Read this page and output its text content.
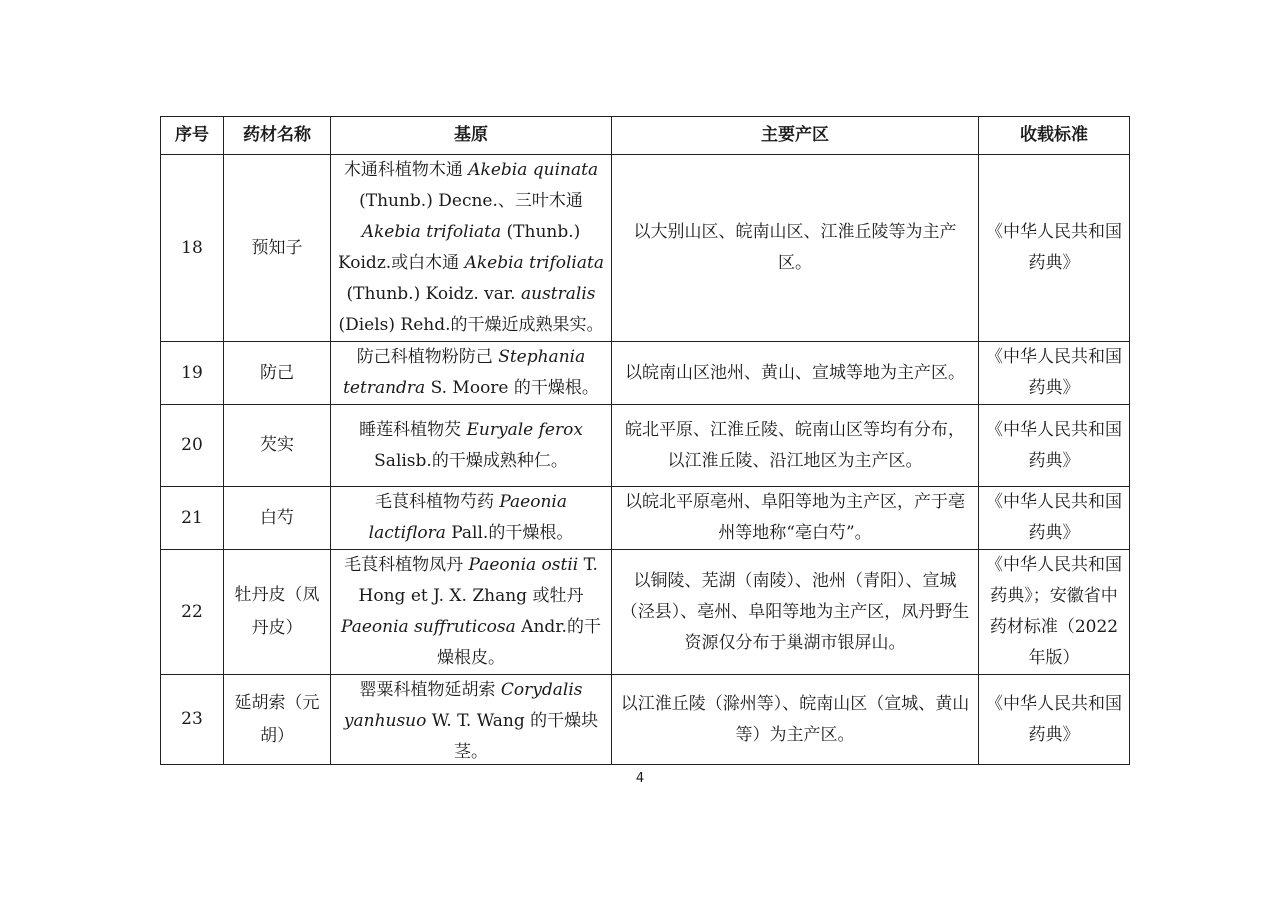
序号	药材名称	基原	主要产区	收载标准
18	预知子	木通科植物木通 Akebia quinata (Thunb.) Decne.、三叶木通 Akebia trifoliata (Thunb.) Koidz.或白木通 Akebia trifoliata (Thunb.) Koidz. var. australis (Diels) Rehd.的干燥近成熟果实。	以大别山区、皖南山区、江淮丘陵等为主产区。	《中华人民共和国药典》
19	防己	防己科植物粉防己 Stephania tetrandra S. Moore 的干燥根。	以皖南山区池州、黄山、宣城等地为主产区。	《中华人民共和国药典》
20	芡实	睡莲科植物芡 Euryale ferox Salisb.的干燥成熟种仁。	皖北平原、江淮丘陵、皖南山区等均有分布，以江淮丘陵、沿江地区为主产区。	《中华人民共和国药典》
21	白芍	毛茛科植物芍药 Paeonia lactiflora Pall.的干燥根。	以皖北平原亳州、阜阳等地为主产区，产于亳州等地称“亳白芍”。	《中华人民共和国药典》
22	牡丹皮（凤丹皮）	毛茛科植物凤丹 Paeonia ostii T. Hong et J. X. Zhang 或牡丹 Paeonia suffruticosa Andr.的干燥根皮。	以铜陵、芜湖（南陵）、池州（青阳）、宣城（泾县）、亳州、阜阳等地为主产区，凤丹野生资源仅分布于巢湖市银屏山。	《中华人民共和国药典》；安徽省中药材标准（2022 年版）
23	延胡索（元胡）	罂粟科植物延胡索 Corydalis yanhusuo W. T. Wang 的干燥块茎。	以江淮丘陵（滁州等）、皖南山区（宣城、黄山等）为主产区。	《中华人民共和国药典》
4
